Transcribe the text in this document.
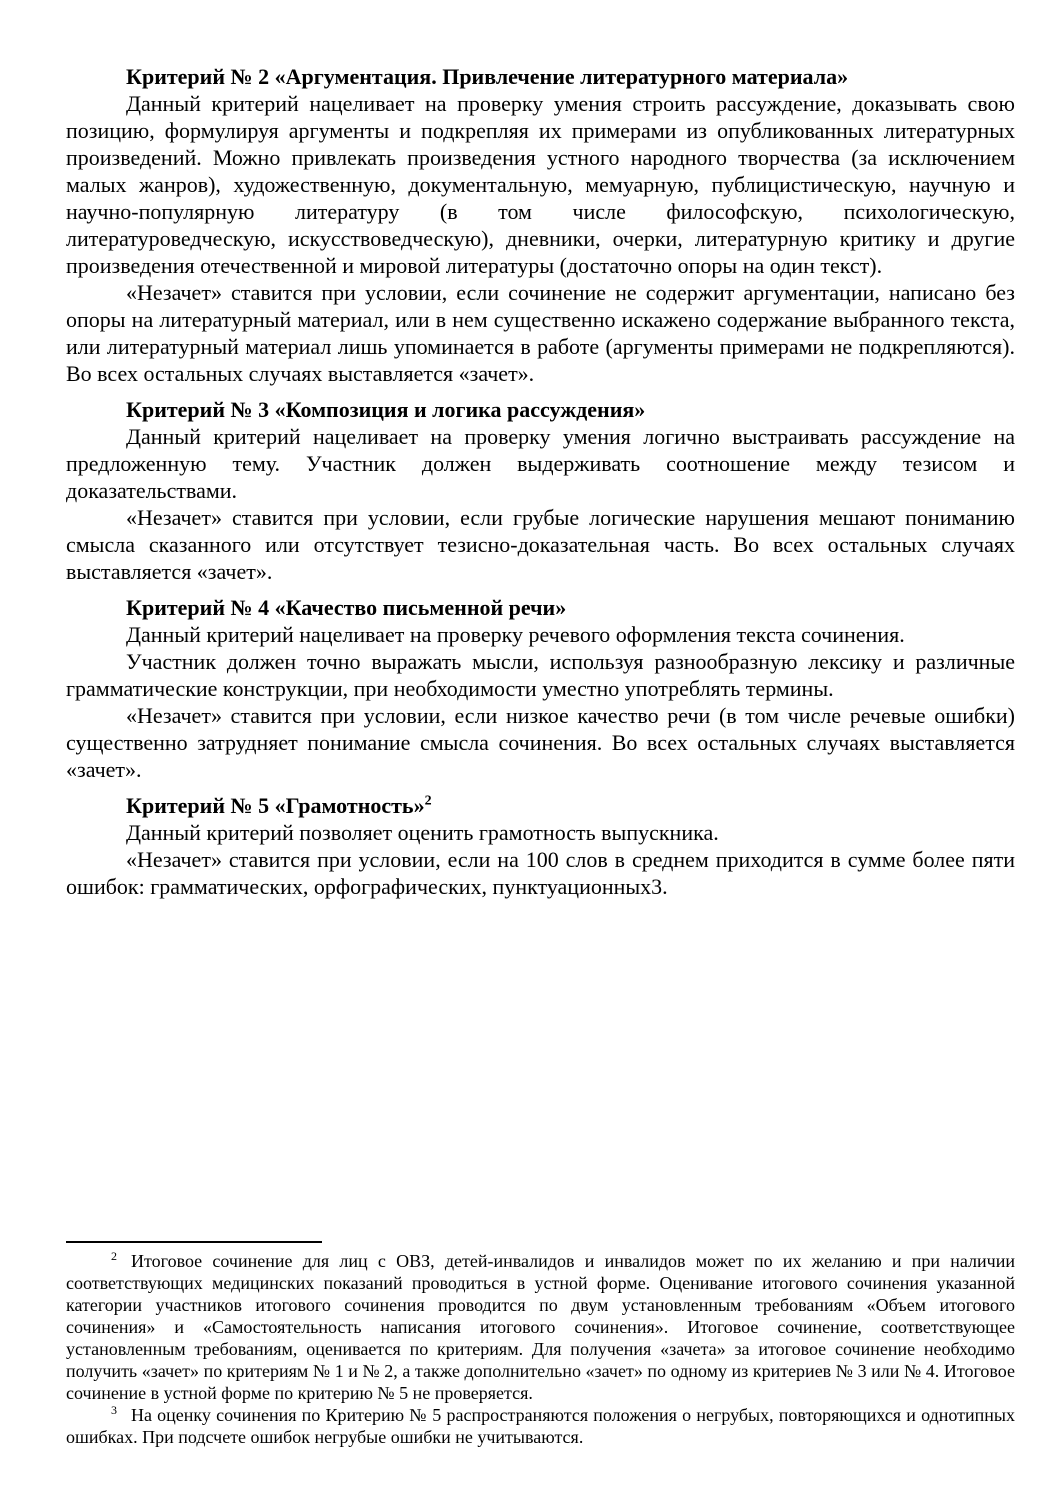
Критерий № 2 «Аргументация. Привлечение литературного материала»

Данный критерий нацеливает на проверку умения строить рассуждение, доказывать свою позицию, формулируя аргументы и подкрепляя их примерами из опубликованных литературных произведений. Можно привлекать произведения устного народного творчества (за исключением малых жанров), художественную, документальную, мемуарную, публицистическую, научную и научно-популярную литературу (в том числе философскую, психологическую, литературоведческую, искусствоведческую), дневники, очерки, литературную критику и другие произведения отечественной и мировой литературы (достаточно опоры на один текст).

«Незачет» ставится при условии, если сочинение не содержит аргументации, написано без опоры на литературный материал, или в нем существенно искажено содержание выбранного текста, или литературный материал лишь упоминается в работе (аргументы примерами не подкрепляются). Во всех остальных случаях выставляется «зачет».

Критерий № 3 «Композиция и логика рассуждения»

Данный критерий нацеливает на проверку умения логично выстраивать рассуждение на предложенную тему. Участник должен выдерживать соотношение между тезисом и доказательствами.

«Незачет» ставится при условии, если грубые логические нарушения мешают пониманию смысла сказанного или отсутствует тезисно-доказательная часть. Во всех остальных случаях выставляется «зачет».

Критерий № 4 «Качество письменной речи»

Данный критерий нацеливает на проверку речевого оформления текста сочинения.

Участник должен точно выражать мысли, используя разнообразную лексику и различные грамматические конструкции, при необходимости уместно употреблять термины.

«Незачет» ставится при условии, если низкое качество речи (в том числе речевые ошибки) существенно затрудняет понимание смысла сочинения. Во всех остальных случаях выставляется «зачет».

Критерий № 5 «Грамотность»$^2$

Данный критерий позволяет оценить грамотность выпускника.

«Незачет» ставится при условии, если на 100 слов в среднем приходится в сумме более пяти ошибок: грамматических, орфографических, пунктуационных3.

$^2$ Итоговое сочинение для лиц с ОВЗ, детей-инвалидов и инвалидов может по их желанию и при наличии соответствующих медицинских показаний проводиться в устной форме. Оценивание итогового сочинения указанной категории участников итогового сочинения проводится по двум установленным требованиям «Объем итогового сочинения» и «Самостоятельность написания итогового сочинения». Итоговое сочинение, соответствующее установленным требованиям, оценивается по критериям. Для получения «зачета» за итоговое сочинение необходимо получить «зачет» по критериям № 1 и № 2, а также дополнительно «зачет» по одному из критериев № 3 или № 4. Итоговое сочинение в устной форме по критерию № 5 не проверяется.

$^3$ На оценку сочинения по Критерию № 5 распространяются положения о негрубых, повторяющихся и однотипных ошибках. При подсчете ошибок негрубые ошибки не учитываются.
